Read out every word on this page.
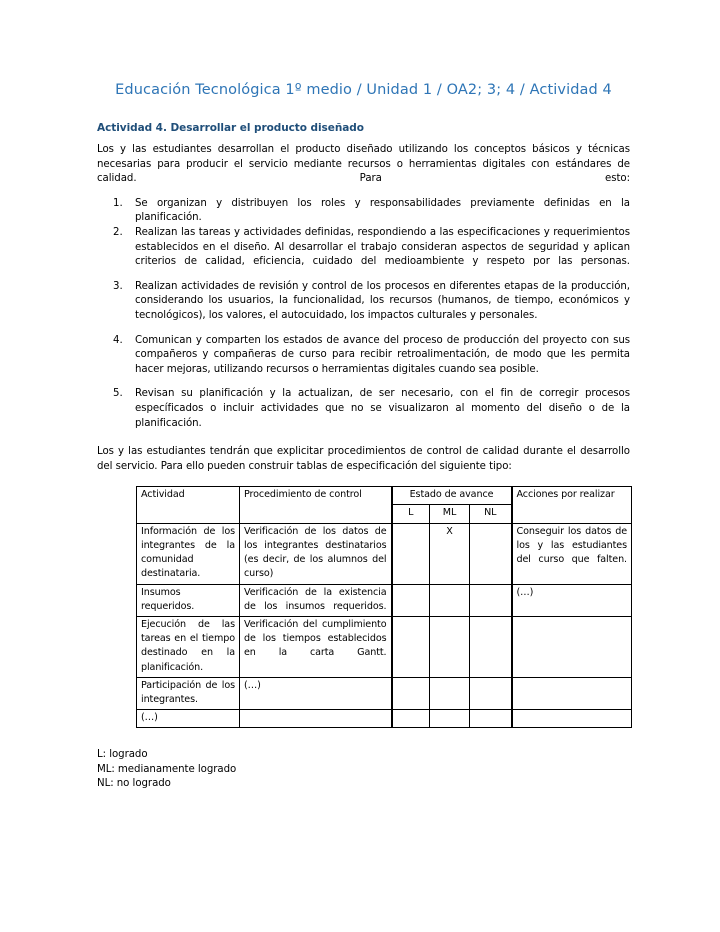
Educación Tecnológica 1º medio / Unidad 1 / OA2; 3; 4 / Actividad 4
Actividad 4. Desarrollar el producto diseñado

Los y las estudiantes desarrollan el producto diseñado utilizando los conceptos básicos y técnicas necesarias para producir el servicio mediante recursos o herramientas digitales con estándares de calidad. Para esto:

Se organizan y distribuyen los roles y responsabilidades previamente definidas en la planificación.
Realizan las tareas y actividades definidas, respondiendo a las especificaciones y requerimientos establecidos en el diseño. Al desarrollar el trabajo consideran aspectos de seguridad y aplican criterios de calidad, eficiencia, cuidado del medioambiente y respeto por las personas.
Realizan actividades de revisión y control de los procesos en diferentes etapas de la producción, considerando los usuarios, la funcionalidad, los recursos (humanos, de tiempo, económicos y tecnológicos), los valores, el autocuidado, los impactos culturales y personales.
Comunican y comparten los estados de avance del proceso de producción del proyecto con sus compañeros y compañeras de curso para recibir retroalimentación, de modo que les permita hacer mejoras, utilizando recursos o herramientas digitales cuando sea posible.
Revisan su planificación y la actualizan, de ser necesario, con el fin de corregir procesos específicados o incluir actividades que no se visualizaron al momento del diseño o de la planificación.

Los y las estudiantes tendrán que explicitar procedimientos de control de calidad durante el desarrollo del servicio. Para ello pueden construir tablas de especificación del siguiente tipo:

Actividad	Procedimiento de control	Estado de avance			Acciones por realizar
		L	ML	NL	
Información de los integrantes de la comunidad destinataria.	Verificación de los datos de los integrantes destinatarios (es decir, de los alumnos del curso)		X		Conseguir los datos de los y las estudiantes del curso que falten.
Insumos requeridos.	Verificación de la existencia de los insumos requeridos.				(…)
Ejecución de las tareas en el tiempo destinado en la planificación.	Verificación del cumplimiento de los tiempos establecidos en la carta Gantt.				
Participación de los integrantes.	(…)				
(…)					
L: logrado
ML: medianamente logrado
NL: no logrado
